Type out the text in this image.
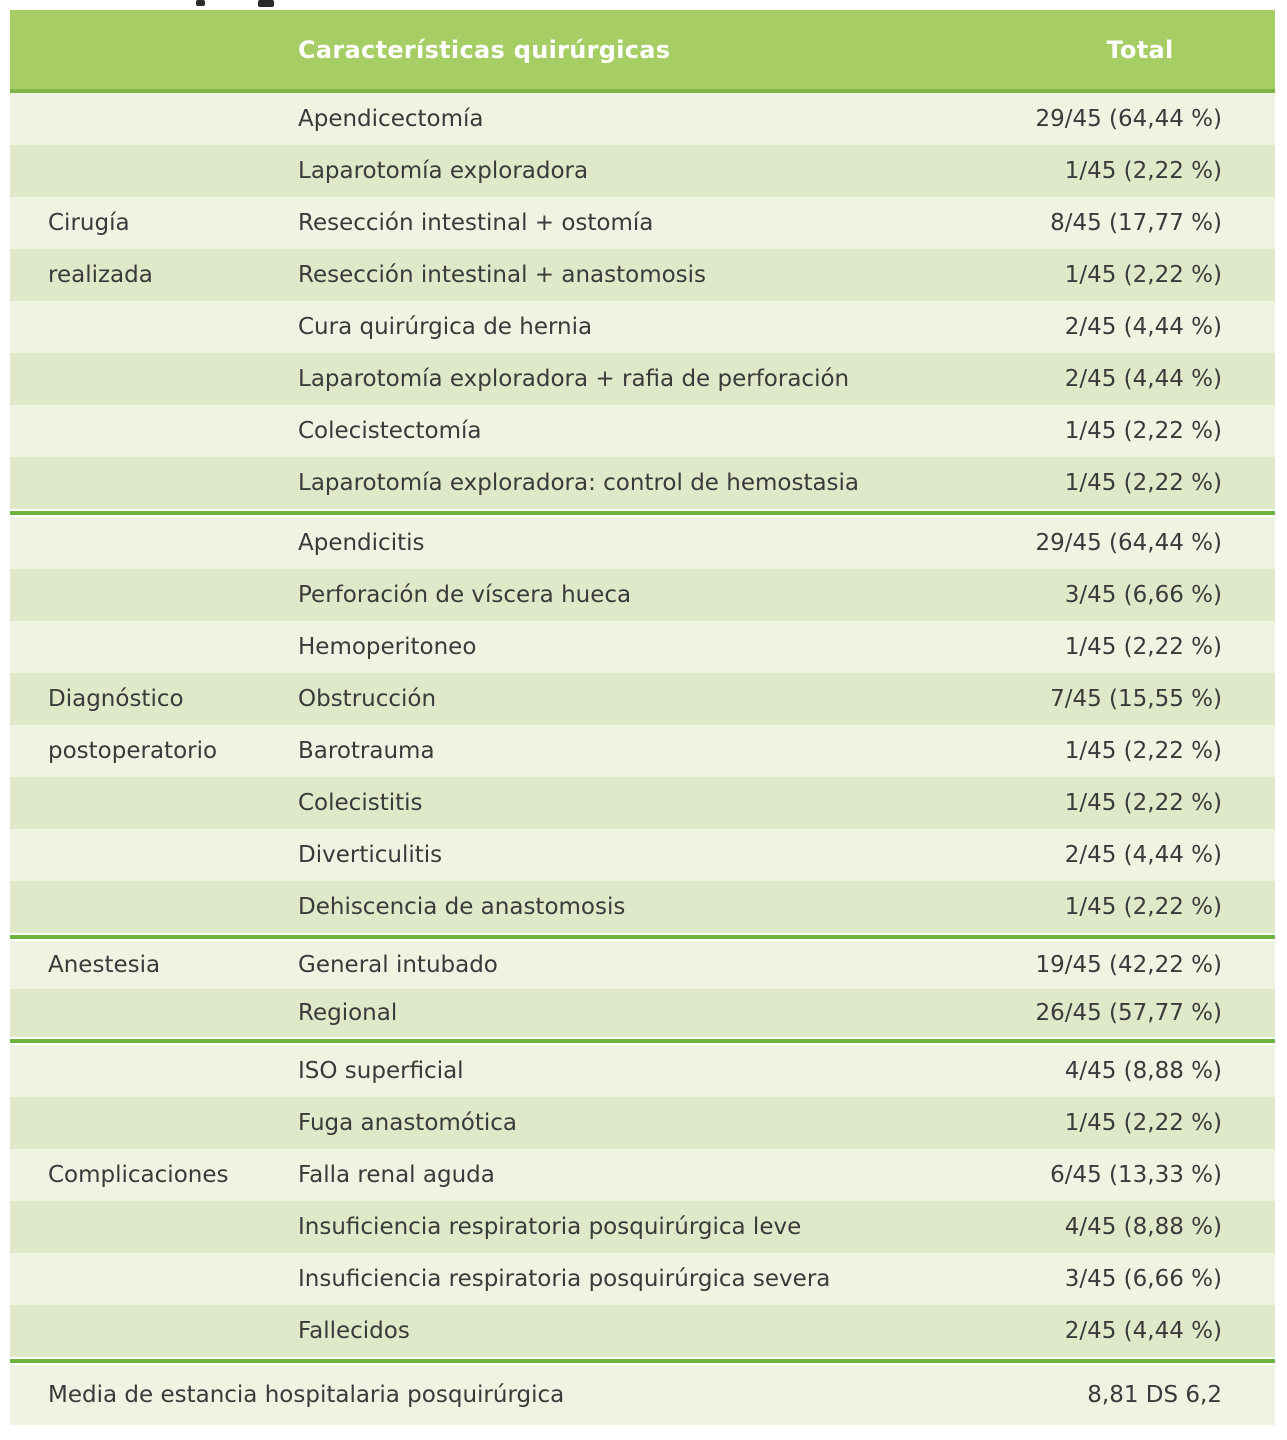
Características quirúrgicas	Total
Apendicectomía	29/45 (64,44 %)
Laparotomía exploradora	1/45 (2,22 %)
Cirugía	Resección intestinal + ostomía	8/45 (17,77 %)
realizada	Resección intestinal + anastomosis	1/45 (2,22 %)
Cura quirúrgica de hernia	2/45 (4,44 %)
Laparotomía exploradora + rafia de perforación	2/45 (4,44 %)
Colecistectomía	1/45 (2,22 %)
Laparotomía exploradora: control de hemostasia	1/45 (2,22 %)
Apendicitis	29/45 (64,44 %)
Perforación de víscera hueca	3/45 (6,66 %)
Hemoperitoneo	1/45 (2,22 %)
Diagnóstico	Obstrucción	7/45 (15,55 %)
postoperatorio	Barotrauma	1/45 (2,22 %)
Colecistitis	1/45 (2,22 %)
Diverticulitis	2/45 (4,44 %)
Dehiscencia de anastomosis	1/45 (2,22 %)
Anestesia	General intubado	19/45 (42,22 %)
Regional	26/45 (57,77 %)
ISO superficial	4/45 (8,88 %)
Fuga anastomótica	1/45 (2,22 %)
Complicaciones	Falla renal aguda	6/45 (13,33 %)
Insuficiencia respiratoria posquirúrgica leve	4/45 (8,88 %)
Insuficiencia respiratoria posquirúrgica severa	3/45 (6,66 %)
Fallecidos	2/45 (4,44 %)
Media de estancia hospitalaria posquirúrgica	8,81 DS 6,2
